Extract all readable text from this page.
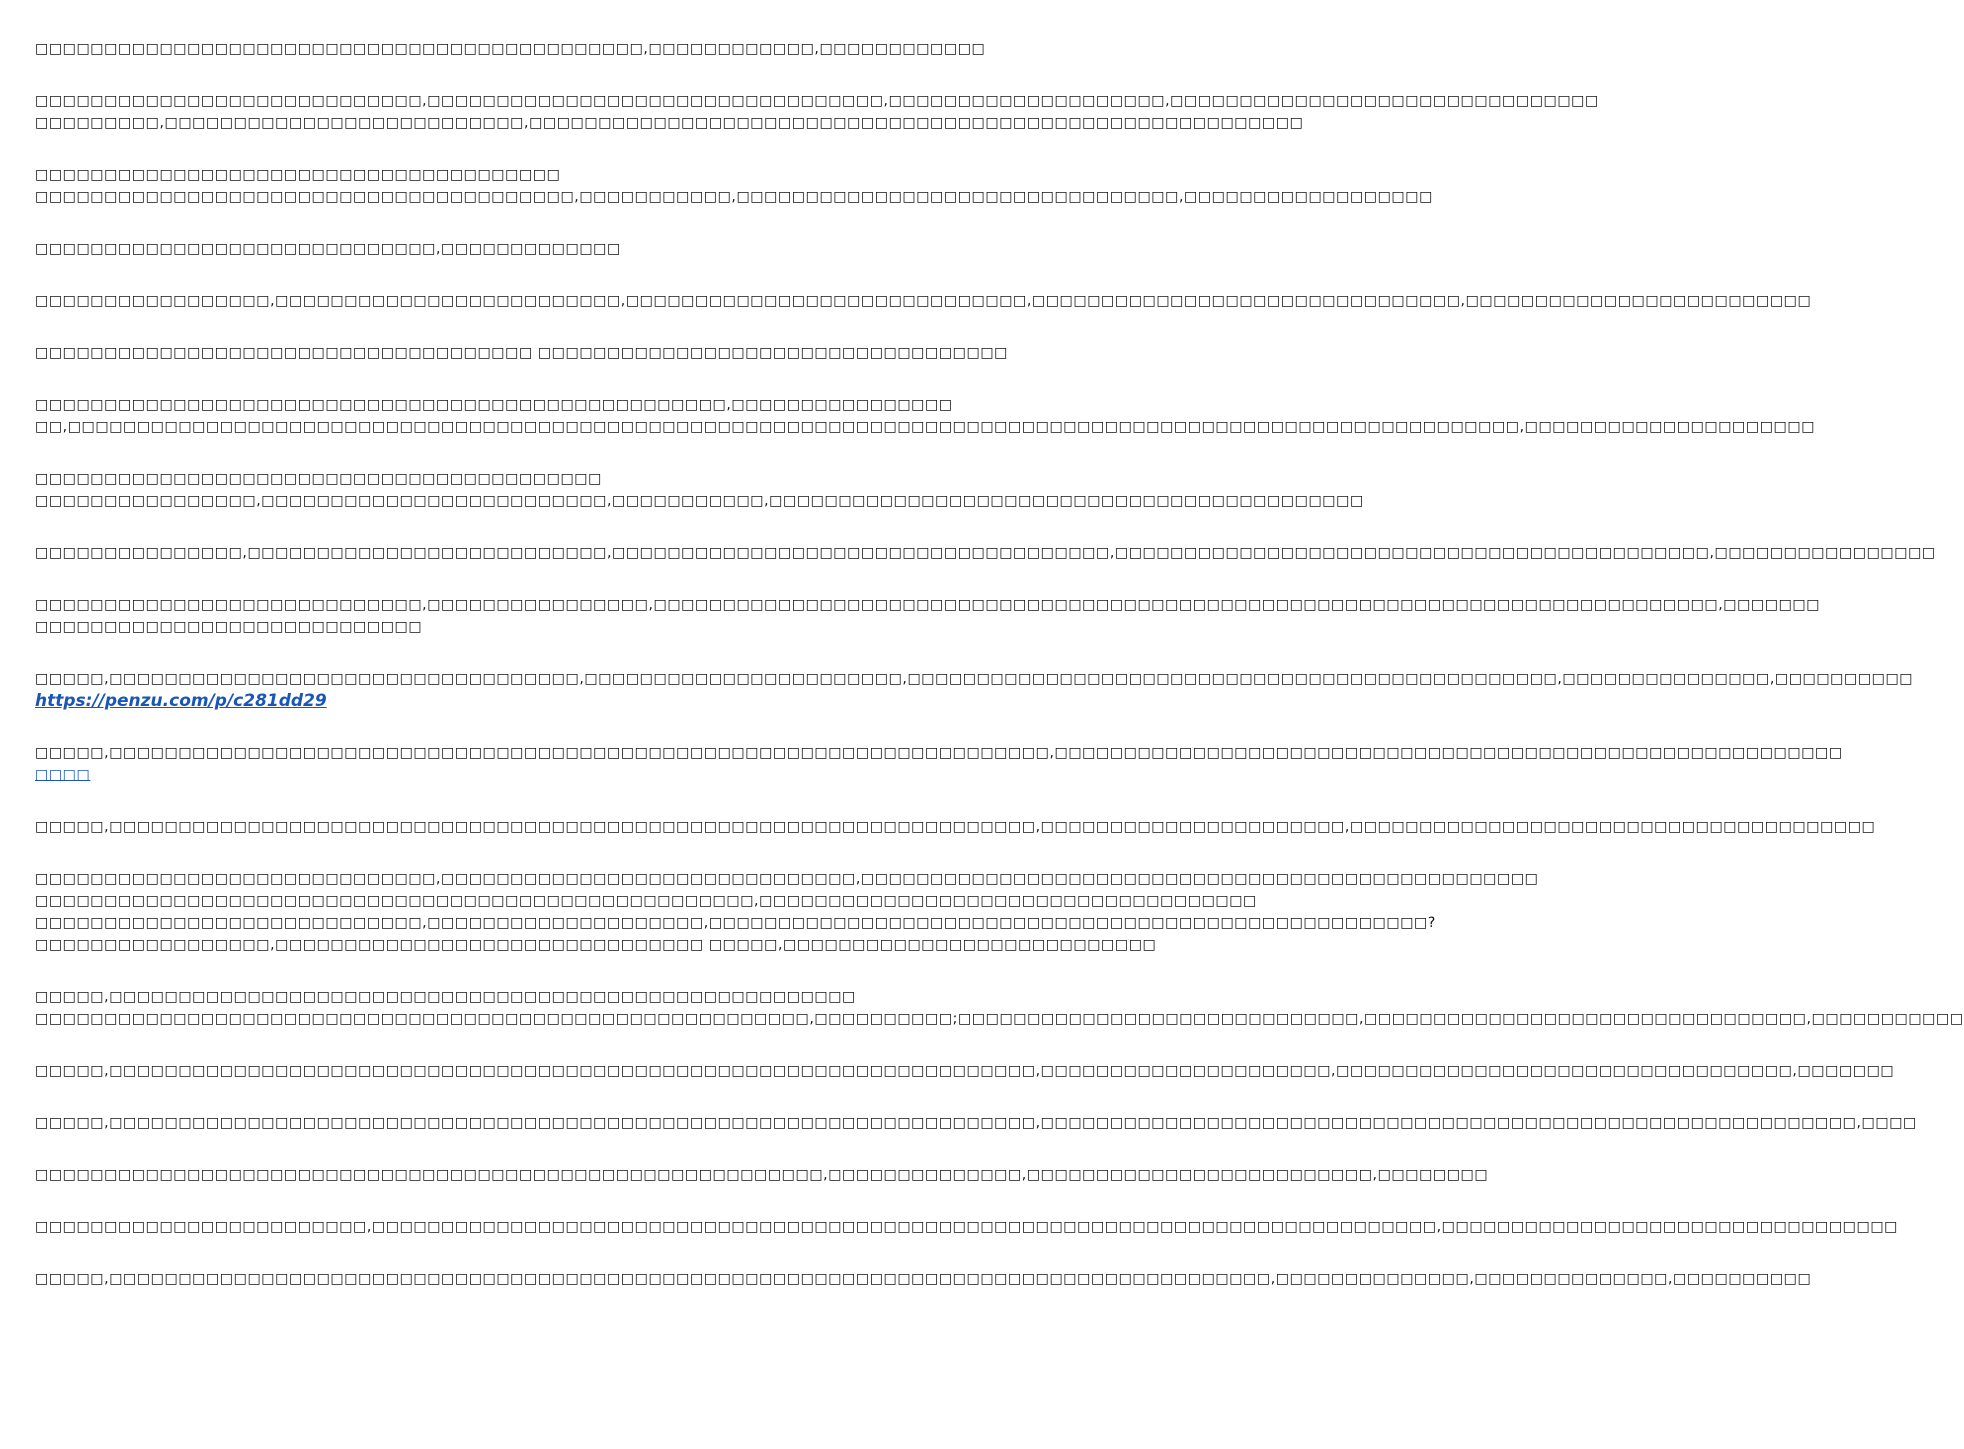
□□□□□□□□□□□□□□□□□□□□□□□□□□□□□□□□□□□□□□□□□□□□,□□□□□□□□□□□□,□□□□□□□□□□□□
□□□□□□□□□□□□□□□□□□□□□□□□□□□□,□□□□□□□□□□□□□□□□□□□□□□□□□□□□□□□□□,□□□□□□□□□□□□□□□□□□□□,□□□□□□□□□□□□□□□□□□□□□□□□□□□□□□□
□□□□□□□□□,□□□□□□□□□□□□□□□□□□□□□□□□□□,□□□□□□□□□□□□□□□□□□□□□□□□□□□□□□□□□□□□□□□□□□□□□□□□□□□□□□□□
□□□□□□□□□□□□□□□□□□□□□□□□□□□□□□□□□□□□□□
□□□□□□□□□□□□□□□□□□□□□□□□□□□□□□□□□□□□□□□,□□□□□□□□□□□,□□□□□□□□□□□□□□□□□□□□□□□□□□□□□□□□,□□□□□□□□□□□□□□□□□□
□□□□□□□□□□□□□□□□□□□□□□□□□□□□□,□□□□□□□□□□□□□
□□□□□□□□□□□□□□□□□,□□□□□□□□□□□□□□□□□□□□□□□□□,□□□□□□□□□□□□□□□□□□□□□□□□□□□□□,□□□□□□□□□□□□□□□□□□□□□□□□□□□□□□□,□□□□□□□□□□□□□□□□□□□□□□□□□
□□□□□□□□□□□□□□□□□□□□□□□□□□□□□□□□□□□□ □□□□□□□□□□□□□□□□□□□□□□□□□□□□□□□□□□
□□□□□□□□□□□□□□□□□□□□□□□□□□□□□□□□□□□□□□□□□□□□□□□□□□,□□□□□□□□□□□□□□□□
□□,□□□□□□□□□□□□□□□□□□□□□□□□□□□□□□□□□□□□□□□□□□□□□□□□□□□□□□□□□□□□□□□□□□□□□□□□□□□□□□□□□□□□□□□□□□□□□□□□□□□□□□□□□,□□□□□□□□□□□□□□□□□□□□□
□□□□□□□□□□□□□□□□□□□□□□□□□□□□□□□□□□□□□□□□□
□□□□□□□□□□□□□□□□,□□□□□□□□□□□□□□□□□□□□□□□□□,□□□□□□□□□□□,□□□□□□□□□□□□□□□□□□□□□□□□□□□□□□□□□□□□□□□□□□□
□□□□□□□□□□□□□□□,□□□□□□□□□□□□□□□□□□□□□□□□□□,□□□□□□□□□□□□□□□□□□□□□□□□□□□□□□□□□□□□,□□□□□□□□□□□□□□□□□□□□□□□□□□□□□□□□□□□□□□□□□□□,□□□□□□□□□□□□□□□□
□□□□□□□□□□□□□□□□□□□□□□□□□□□□,□□□□□□□□□□□□□□□□,□□□□□□□□□□□□□□□□□□□□□□□□□□□□□□□□□□□□□□□□□□□□□□□□□□□□□□□□□□□□□□□□□□□□□□□□□□□□□,□□□□□□□
□□□□□□□□□□□□□□□□□□□□□□□□□□□□
□□□□□,□□□□□□□□□□□□□□□□□□□□□□□□□□□□□□□□□□,□□□□□□□□□□□□□□□□□□□□□□□,□□□□□□□□□□□□□□□□□□□□□□□□□□□□□□□□□□□□□□□□□□□□□□□,□□□□□□□□□□□□□□□,□□□□□□□□□□
https://penzu.com/p/c281dd29
□□□□□,□□□□□□□□□□□□□□□□□□□□□□□□□□□□□□□□□□□□□□□□□□□□□□□□□□□□□□□□□□□□□□□□□□□□,□□□□□□□□□□□□□□□□□□□□□□□□□□□□□□□□□□□□□□□□□□□□□□□□□□□□□□□□□
□□□□
□□□□□,□□□□□□□□□□□□□□□□□□□□□□□□□□□□□□□□□□□□□□□□□□□□□□□□□□□□□□□□□□□□□□□□□□□,□□□□□□□□□□□□□□□□□□□□□□,□□□□□□□□□□□□□□□□□□□□□□□□□□□□□□□□□□□□□□
□□□□□□□□□□□□□□□□□□□□□□□□□□□□□,□□□□□□□□□□□□□□□□□□□□□□□□□□□□□□,□□□□□□□□□□□□□□□□□□□□□□□□□□□□□□□□□□□□□□□□□□□□□□□□□
□□□□□□□□□□□□□□□□□□□□□□□□□□□□□□□□□□□□□□□□□□□□□□□□□□□□,□□□□□□□□□□□□□□□□□□□□□□□□□□□□□□□□□□□□
□□□□□□□□□□□□□□□□□□□□□□□□□□□□,□□□□□□□□□□□□□□□□□□□□,□□□□□□□□□□□□□□□□□□□□□□□□□□□□□□□□□□□□□□□□□□□□□□□□□□□□?
□□□□□□□□□□□□□□□□□,□□□□□□□□□□□□□□□□□□□□□□□□□□□□□□□ □□□□□,□□□□□□□□□□□□□□□□□□□□□□□□□□□
□□□□□,□□□□□□□□□□□□□□□□□□□□□□□□□□□□□□□□□□□□□□□□□□□□□□□□□□□□□□
□□□□□□□□□□□□□□□□□□□□□□□□□□□□□□□□□□□□□□□□□□□□□□□□□□□□□□□□,□□□□□□□□□□;□□□□□□□□□□□□□□□□□□□□□□□□□□□□□,□□□□□□□□□□□□□□□□□□□□□□□□□□□□□□□□,□□□□□□□□□□□
□□□□□,□□□□□□□□□□□□□□□□□□□□□□□□□□□□□□□□□□□□□□□□□□□□□□□□□□□□□□□□□□□□□□□□□□□,□□□□□□□□□□□□□□□□□□□□□,□□□□□□□□□□□□□□□□□□□□□□□□□□□□□□□□□,□□□□□□□
□□□□□,□□□□□□□□□□□□□□□□□□□□□□□□□□□□□□□□□□□□□□□□□□□□□□□□□□□□□□□□□□□□□□□□□□□,□□□□□□□□□□□□□□□□□□□□□□□□□□□□□□□□□□□□□□□□□□□□□□□□□□□□□□□□□□□,□□□□
□□□□□□□□□□□□□□□□□□□□□□□□□□□□□□□□□□□□□□□□□□□□□□□□□□□□□□□□□,□□□□□□□□□□□□□□,□□□□□□□□□□□□□□□□□□□□□□□□□,□□□□□□□□
□□□□□□□□□□□□□□□□□□□□□□□□,□□□□□□□□□□□□□□□□□□□□□□□□□□□□□□□□□□□□□□□□□□□□□□□□□□□□□□□□□□□□□□□□□□□□□□□□□□□□□,□□□□□□□□□□□□□□□□□□□□□□□□□□□□□□□□□
□□□□□,□□□□□□□□□□□□□□□□□□□□□□□□□□□□□□□□□□□□□□□□□□□□□□□□□□□□□□□□□□□□□□□□□□□□□□□□□□□□□□□□□□□□,□□□□□□□□□□□□□□,□□□□□□□□□□□□□□,□□□□□□□□□□
